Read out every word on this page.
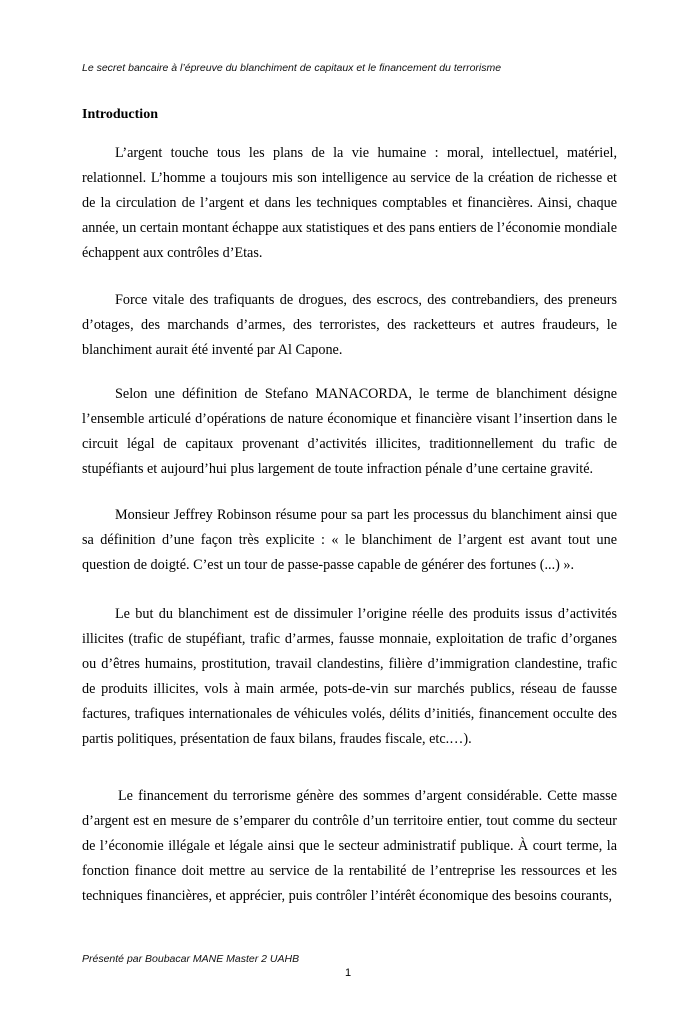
Le secret bancaire à l’épreuve du blanchiment de capitaux et le financement du terrorisme
Introduction

L’argent touche tous les plans de la vie humaine : moral, intellectuel, matériel, relationnel. L’homme a toujours mis son intelligence au service de la création de richesse et de la circulation de l’argent et dans les techniques comptables et financières. Ainsi, chaque année, un certain montant échappe aux statistiques et des pans entiers de l’économie mondiale échappent aux contrôles d’Etas.

Force vitale des trafiquants de drogues, des escrocs, des contrebandiers, des preneurs d’otages, des marchands d’armes, des terroristes, des racketteurs et autres fraudeurs, le blanchiment aurait été inventé par Al Capone.

Selon une définition de Stefano MANACORDA, le terme de blanchiment désigne l’ensemble articulé d’opérations de nature économique et financière visant l’insertion dans le circuit légal de capitaux provenant d’activités illicites, traditionnellement du trafic de stupéfiants et aujourd’hui plus largement de toute infraction pénale d’une certaine gravité.

Monsieur Jeffrey Robinson résume pour sa part les processus du blanchiment ainsi que sa définition d’une façon très explicite : « le blanchiment de l’argent est avant tout une question de doigté. C’est un tour de passe-passe capable de générer des fortunes (...) ».

Le but du blanchiment est de dissimuler l’origine réelle des produits issus d’activités illicites (trafic de stupéfiant, trafic d’armes, fausse monnaie, exploitation de trafic d’organes ou d’êtres humains, prostitution, travail clandestins, filière d’immigration clandestine, trafic de produits illicites, vols à main armée, pots-de-vin sur marchés publics, réseau de fausse factures, trafiques internationales de véhicules volés, délits d’initiés, financement occulte des partis politiques, présentation de faux bilans, fraudes fiscale, etc.…).

Le financement du terrorisme génère des sommes d’argent considérable. Cette masse d’argent est en mesure de s’emparer du contrôle d’un territoire entier, tout comme du secteur de l’économie illégale et légale ainsi que le secteur administratif publique. À court terme, la fonction finance doit mettre au service de la rentabilité de l’entreprise les ressources et les techniques financières, et apprécier, puis contrôler l’intérêt économique des besoins courants,

Présenté par Boubacar MANE Master 2 UAHB
1
